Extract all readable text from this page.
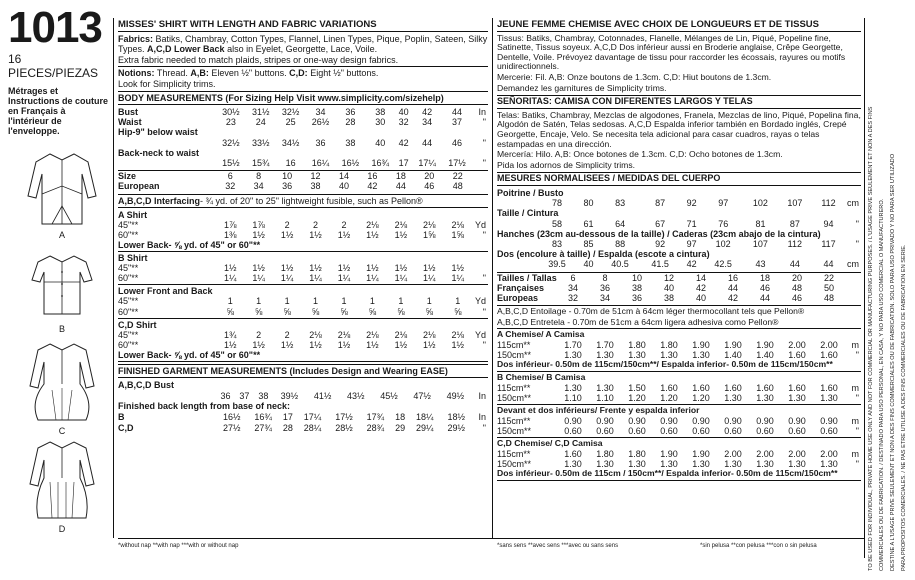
1013
16 PIECES/PIEZAS
Métrages et Instructions de couture en Français à l'intérieur de l'enveloppe.
A
B
C
D
MISSES' SHIRT WITH LENGTH AND FABRIC VARIATIONS
Fabrics: Batiks, Chambray, Cotton Types, Flannel, Linen Types, Pique, Poplin, Sateen, Silky Types. A,C,D Lower Back also in Eyelet, Georgette, Lace, Voile.
Extra fabric needed to match plaids, stripes or one-way design fabrics.
Notions: Thread. A,B: Eleven ½" buttons. C,D: Eight ½" buttons.
Look for Simplicity trims.
BODY MEASUREMENTS (For Sizing Help Visit www.simplicity.com/sizehelp)
Bust	30½	31½	32½	34	36	38	40	42	44	In
Waist	23	24	25	26½	28	30	32	34	37	"
Hip-9" below waist										
	32½	33½	34½	36	38	40	42	44	46	"
Back-neck to waist										
	15½	15¾	16	16¼	16½	16¾	17	17¼	17½	"
Size	6	8	10	12	14	16	18	20	22	
European	32	34	36	38	40	42	44	46	48	
A,B,C,D Interfacing- ¾ yd. of 20" to 25" lightweight fusible, such as Pellon®
A Shirt
45"**	1⅞	1⅞	2	2	2	2⅛	2⅛	2⅛	2⅛	Yd
60"**	1⅜	1½	1½	1½	1½	1½	1½	1⅝	1⅝	"
Lower Back- ⅝ yd. of 45" or 60"**
B Shirt
45"**	1½	1½	1½	1½	1½	1½	1½	1½	1½	
60"**	1¼	1¼	1¼	1¼	1¼	1¼	1¼	1¼	1¼	"
Lower Front and Back
45"**	1	1	1	1	1	1	1	1	1	Yd
60"**	⅝	⅝	⅝	⅝	⅝	⅝	⅝	⅝	⅝	"
C,D Shirt
45"**	1¾	2	2	2⅛	2⅛	2⅛	2⅛	2⅛	2⅛	Yd
60"**	1½	1½	1½	1½	1½	1½	1½	1½	1½	"
Lower Back- ⅝ yd. of 45" or 60"**
FINISHED GARMENT MEASUREMENTS (Includes Design and Wearing EASE)
A,B,C,D Bust
	36	37	38	39½	41½	43½	45½	47½	49½	In
Finished back length from base of neck:
B	16½	16¾	17	17¼	17½	17¾	18	18¼	18½	In
C,D	27½	27¾	28	28¼	28½	28¾	29	29¼	29½	"
*without nap **with nap ***with or without nap
JEUNE FEMME CHEMISE AVEC CHOIX DE LONGUEURS ET DE TISSUS
Tissus: Batiks, Chambray, Cotonnades, Flanelle, Mélanges de Lin, Piqué, Popeline fine, Satinette, Tissus soyeux. A,C,D Dos inférieur aussi en Broderie anglaise, Crêpe Georgette, Dentelle, Voile. Prévoyez davantage de tissu pour raccorder les écossais, rayures ou motifs unidirectionnels.
Mercerie: Fil. A,B: Onze boutons de 1.3cm. C,D: Hiut boutons de 1.3cm.
Demandez les garnitures de Simplicity trims.
SEÑORITAS: CAMISA CON DIFERENTES LARGOS Y TELAS
Telas: Batiks, Chambray, Mezclas de algodones, Franela, Mezclas de lino, Piqué, Popelina fina, Algodón de Satén, Telas sedosas. A,C,D Espalda inferior también en Bordado inglés, Crepé Georgette, Encaje, Velo. Se necesita tela adicional para casar cuadros, rayas o telas estampadas en una dirección.
Mercería: Hilo. A,B: Once botones de 1.3cm. C,D: Ocho botones de 1.3cm.
Pida los adornos de Simplicity trims.
MESURES NORMALISEES / MEDIDAS DEL CUERPO
Poitrine / Busto										
	78	80	83	87	92	97	102	107	112	cm
Taille / Cintura										
	58	61	64	67	71	76	81	87	94	"
Hanches (23cm au-dessous de la taille) / Caderas (23cm abajo de la cintura)										
	83	85	88	92	97	102	107	112	117	"
Dos (encolure à taille) / Espalda (escote a cintura)										
	39.5	40	40.5	41.5	42	42.5	43	44	44	cm
Tailles / Tallas	6	8	10	12	14	16	18	20	22	
Françaises	34	36	38	40	42	44	46	48	50	
Europeas	32	34	36	38	40	42	44	46	48	
A,B,C,D Entoilage - 0.70m de 51cm à 64cm léger thermocollant tels que Pellon®
A,B,C,D Entretela - 0.70m de 51cm a 64cm ligera adhesiva como Pellon®
A Chemise/ A Camisa
115cm**	1.70	1.70	1.80	1.80	1.90	1.90	1.90	2.00	2.00	m
150cm**	1.30	1.30	1.30	1.30	1.30	1.40	1.40	1.60	1.60	"
Dos inférieur- 0.50m de 115cm/150cm**/ Espalda inferior- 0.50m de 115cm/150cm**
B Chemise/ B Camisa
115cm**	1.30	1.30	1.50	1.60	1.60	1.60	1.60	1.60	1.60	m
150cm**	1.10	1.10	1.20	1.20	1.20	1.30	1.30	1.30	1.30	"
Devant et dos inférieurs/ Frente y espalda inferior
115cm**	0.90	0.90	0.90	0.90	0.90	0.90	0.90	0.90	0.90	m
150cm**	0.60	0.60	0.60	0.60	0.60	0.60	0.60	0.60	0.60	"
C,D Chemise/ C,D Camisa
115cm**	1.60	1.80	1.80	1.90	1.90	2.00	2.00	2.00	2.00	m
150cm**	1.30	1.30	1.30	1.30	1.30	1.30	1.30	1.30	1.30	"
Dos inférieur- 0.50m de 115cm / 150cm**/ Espalda inferior- 0.50m de 115cm/150cm**
*sans sens **avec sens ***avec ou sans sens	*sin pelusa **con pelusa ***con o sin pelusa	TO BE USED FOR INDIVIDUAL, PRIVATE HOME USE ONLY AND NOT FOR COMMERCIAL OR MANUFACTURING PURPOSES. / L'USAGE PRIVE SEULEMENT ET NON A DES FINS COMMERCIALES OU DE FABRICATION. / DESTINADO PARA USO PERSONAL, EN CASA, Y NO PARA USO COMERCIAL O MANUFACTURERO. DESTINE A L'USAGE PRIVE SEULEMENT ET NON A DES FINS COMMERCIALES OU DE FABRICATION. SOLO PARA USO PRIVADO Y NO PARA SER UTILIZADO PARA PROPOSITOS COMERCIALES. / NE PAS ETRE UTILISE A DES FINS COMMERCIALES OU DE FABRICATION EN SERIE.
